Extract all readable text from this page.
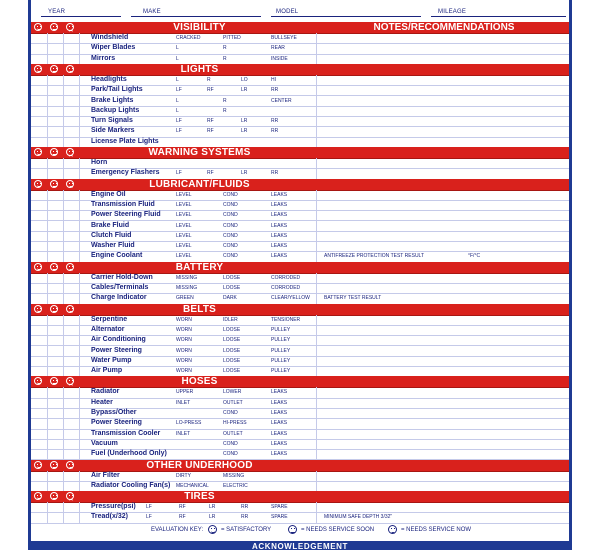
YEAR	MAKE	MODEL	MILEAGE
VISIBILITY	NOTES/RECOMMENDATIONS
Windshield	CRACKED	PITTED	BULLSEYE
Wiper Blades	L	R	REAR
Mirrors	L	R	INSIDE
LIGHTS
Headlights	L	R	LO	HI
Park/Tail Lights	LF	RF	LR	RR
Brake Lights	L	R	CENTER
Backup Lights	L	R
Turn Signals	LF	RF	LR	RR
Side Markers	LF	RF	LR	RR
License Plate Lights
WARNING SYSTEMS
Horn
Emergency Flashers	LF	RF	LR	RR
LUBRICANT/FLUIDS
Engine Oil	LEVEL	COND	LEAKS
Transmission Fluid	LEVEL	COND	LEAKS
Power Steering Fluid	LEVEL	COND	LEAKS
Brake Fluid	LEVEL	COND	LEAKS
Clutch Fluid	LEVEL	COND	LEAKS
Washer Fluid	LEVEL	COND	LEAKS
Engine Coolant	LEVEL	COND	LEAKS	ANTIFREEZE PROTECTION TEST RESULT	°F/°C
BATTERY
Carrier Hold-Down	MISSING	LOOSE	CORRODED
Cables/Terminals	MISSING	LOOSE	CORRODED
Charge Indicator	GREEN	DARK	CLEAR/YELLOW	BATTERY TEST RESULT
BELTS
Serpentine	WORN	IDLER	TENSIONER
Alternator	WORN	LOOSE	PULLEY
Air Conditioning	WORN	LOOSE	PULLEY
Power Steering	WORN	LOOSE	PULLEY
Water Pump	WORN	LOOSE	PULLEY
Air Pump	WORN	LOOSE	PULLEY
HOSES
Radiator	UPPER	LOWER	LEAKS
Heater	INLET	OUTLET	LEAKS
Bypass/Other	COND	LEAKS
Power Steering	LO-PRESS	HI-PRESS	LEAKS
Transmission Cooler	INLET	OUTLET	LEAKS
Vacuum	COND	LEAKS
Fuel (Underhood Only)	COND	LEAKS
OTHER UNDERHOOD
Air Filter	DIRTY	MISSING
Radiator Cooling Fan(s) MECHANICAL	ELECTRIC
TIRES
Pressure(psi) LF	RF	LR	RR	SPARE
Tread(x/32)	LF	RF	LR	RR	SPARE	MINIMUM SAFE DEPTH 3/32"
EVALUATION KEY:	= SATISFACTORY	= NEEDS SERVICE SOON	= NEEDS SERVICE NOW
ACKNOWLEDGEMENT
